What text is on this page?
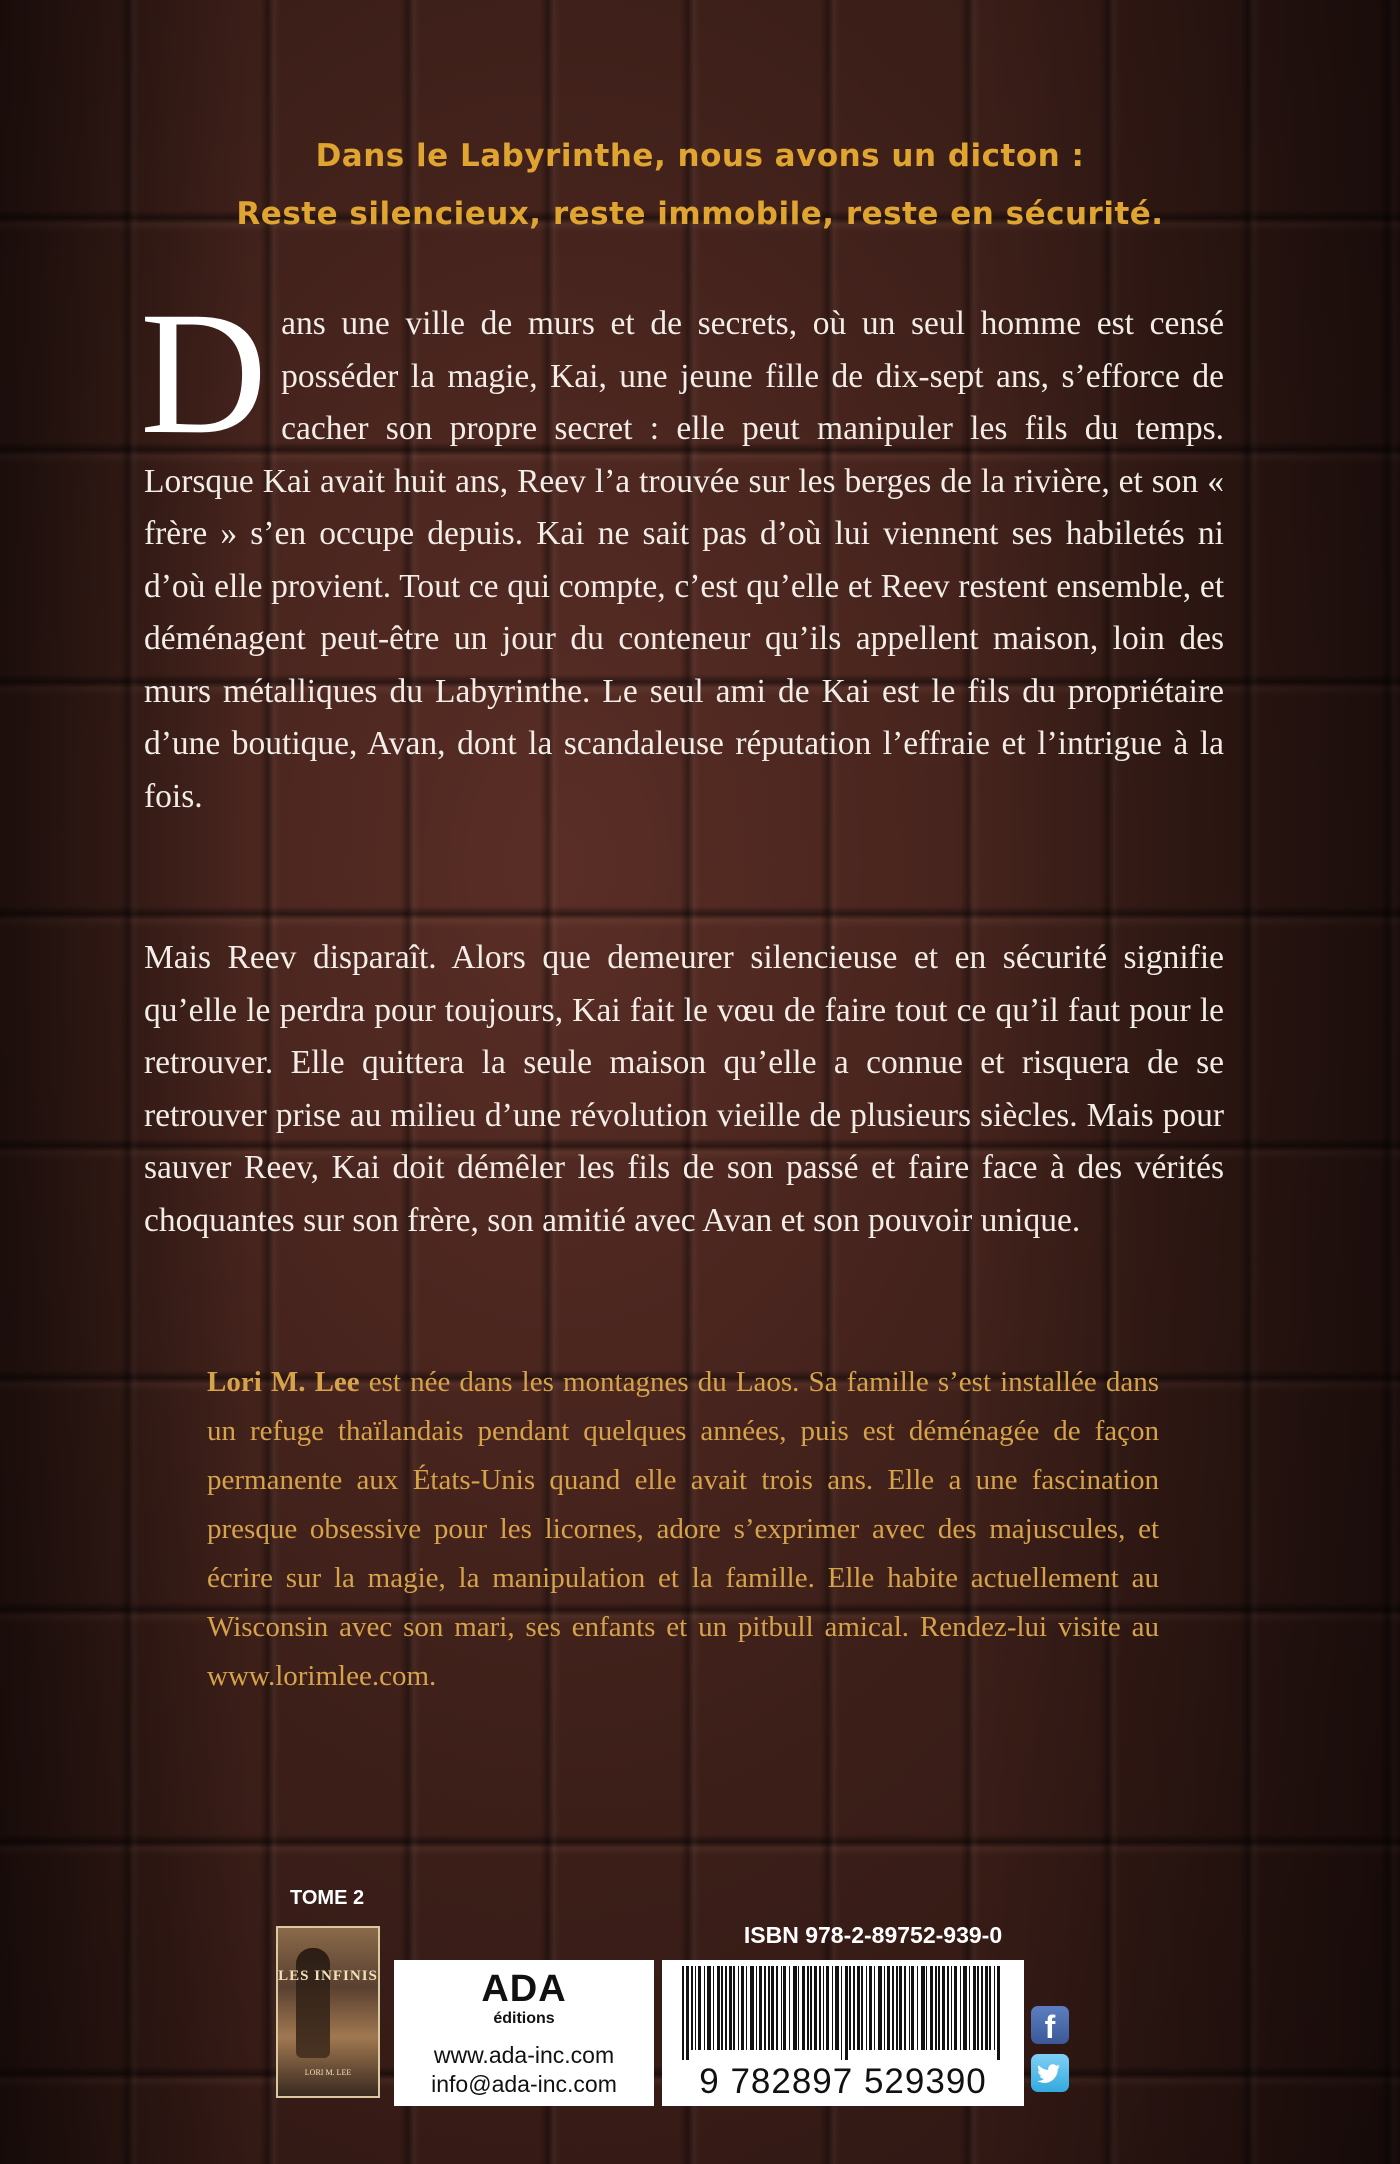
Dans le Labyrinthe, nous avons un dicton :
Reste silencieux, reste immobile, reste en sécurité.
Dans une ville de murs et de secrets, où un seul homme est censé posséder la magie, Kai, une jeune fille de dix-sept ans, s’efforce de cacher son propre secret : elle peut manipuler les fils du temps. Lorsque Kai avait huit ans, Reev l’a trouvée sur les berges de la rivière, et son « frère » s’en occupe depuis. Kai ne sait pas d’où lui viennent ses habiletés ni d’où elle provient. Tout ce qui compte, c’est qu’elle et Reev restent ensemble, et déménagent peut-être un jour du conteneur qu’ils appellent maison, loin des murs métalliques du Labyrinthe. Le seul ami de Kai est le fils du propriétaire d’une boutique, Avan, dont la scandaleuse réputation l’effraie et l’intrigue à la fois.
Mais Reev disparaît. Alors que demeurer silencieuse et en sécurité signifie qu’elle le perdra pour toujours, Kai fait le vœu de faire tout ce qu’il faut pour le retrouver. Elle quittera la seule maison qu’elle a connue et risquera de se retrouver prise au milieu d’une révolution vieille de plusieurs siècles. Mais pour sauver Reev, Kai doit démêler les fils de son passé et faire face à des vérités choquantes sur son frère, son amitié avec Avan et son pouvoir unique.
Lori M. Lee est née dans les montagnes du Laos. Sa famille s’est installée dans un refuge thaïlandais pendant quelques années, puis est déménagée de façon permanente aux États-Unis quand elle avait trois ans. Elle a une fascination presque obsessive pour les licornes, adore s’exprimer avec des majuscules, et écrire sur la magie, la manipulation et la famille. Elle habite actuellement au Wisconsin avec son mari, ses enfants et un pitbull amical. Rendez-lui visite au www.lorimlee.com.
TOME 2
LES INFINIS
LORI M. LEE
ADA
éditions
www.ada-inc.com
info@ada-inc.com
ISBN 978-2-89752-939-0
9 782897 529390
f
